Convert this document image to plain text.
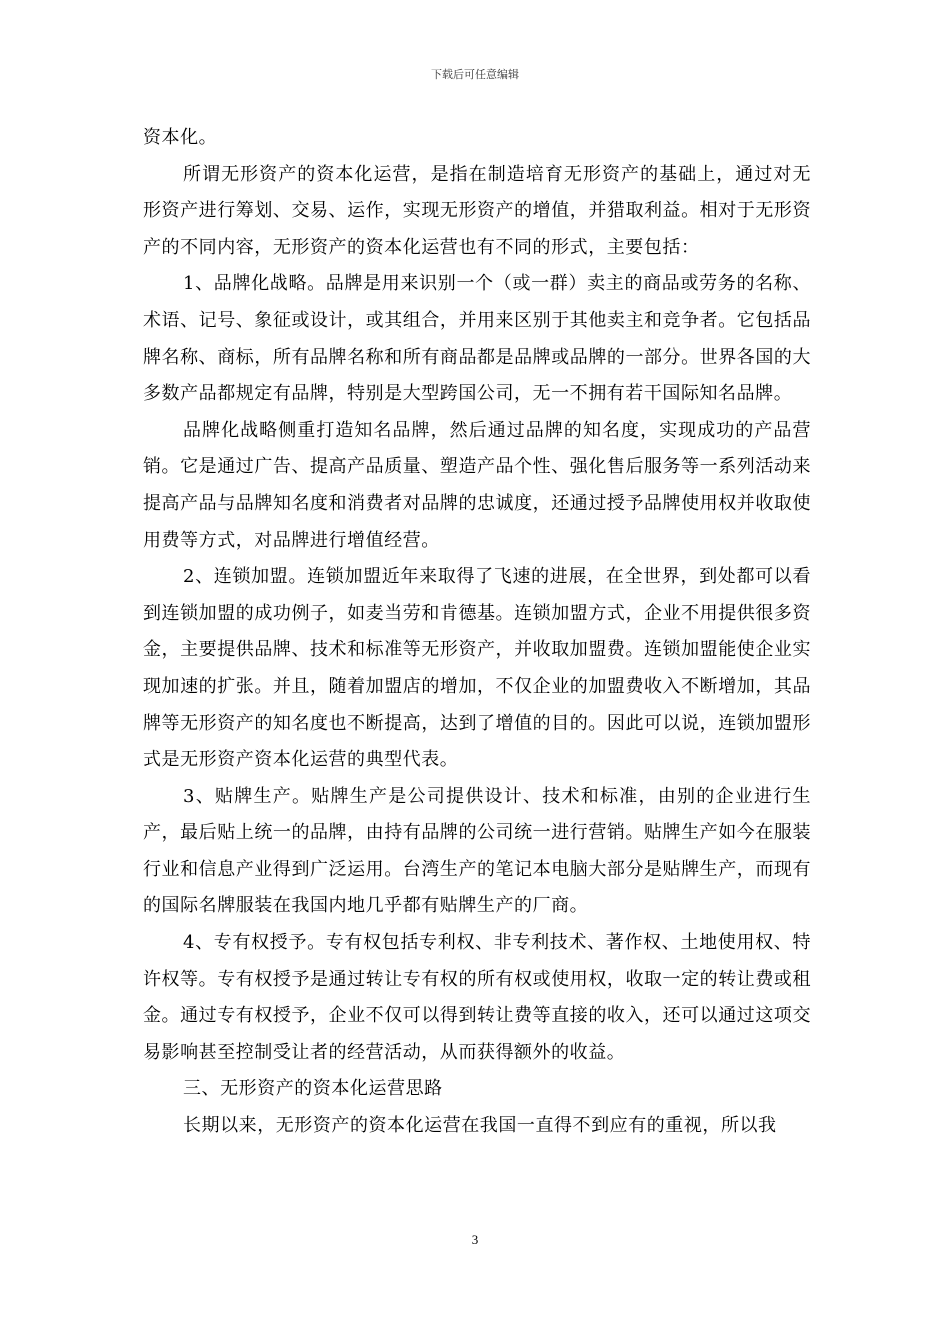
下载后可任意编辑

资本化。

所谓无形资产的资本化运营，是指在制造培育无形资产的基础上，通过对无形资产进行筹划、交易、运作，实现无形资产的增值，并猎取利益。相对于无形资产的不同内容，无形资产的资本化运营也有不同的形式，主要包括：

1、品牌化战略。品牌是用来识别一个（或一群）卖主的商品或劳务的名称、术语、记号、象征或设计，或其组合，并用来区别于其他卖主和竞争者。它包括品牌名称、商标，所有品牌名称和所有商品都是品牌或品牌的一部分。世界各国的大多数产品都规定有品牌，特别是大型跨国公司，无一不拥有若干国际知名品牌。

品牌化战略侧重打造知名品牌，然后通过品牌的知名度，实现成功的产品营销。它是通过广告、提高产品质量、塑造产品个性、强化售后服务等一系列活动来提高产品与品牌知名度和消费者对品牌的忠诚度，还通过授予品牌使用权并收取使用费等方式，对品牌进行增值经营。

2、连锁加盟。连锁加盟近年来取得了飞速的进展，在全世界，到处都可以看到连锁加盟的成功例子，如麦当劳和肯德基。连锁加盟方式，企业不用提供很多资金，主要提供品牌、技术和标准等无形资产，并收取加盟费。连锁加盟能使企业实现加速的扩张。并且，随着加盟店的增加，不仅企业的加盟费收入不断增加，其品牌等无形资产的知名度也不断提高，达到了增值的目的。因此可以说，连锁加盟形式是无形资产资本化运营的典型代表。

3、贴牌生产。贴牌生产是公司提供设计、技术和标准，由别的企业进行生产，最后贴上统一的品牌，由持有品牌的公司统一进行营销。贴牌生产如今在服装行业和信息产业得到广泛运用。台湾生产的笔记本电脑大部分是贴牌生产，而现有的国际名牌服装在我国内地几乎都有贴牌生产的厂商。

4、专有权授予。专有权包括专利权、非专利技术、著作权、土地使用权、特许权等。专有权授予是通过转让专有权的所有权或使用权，收取一定的转让费或租金。通过专有权授予，企业不仅可以得到转让费等直接的收入，还可以通过这项交易影响甚至控制受让者的经营活动，从而获得额外的收益。

三、无形资产的资本化运营思路

长期以来，无形资产的资本化运营在我国一直得不到应有的重视，所以我

3
